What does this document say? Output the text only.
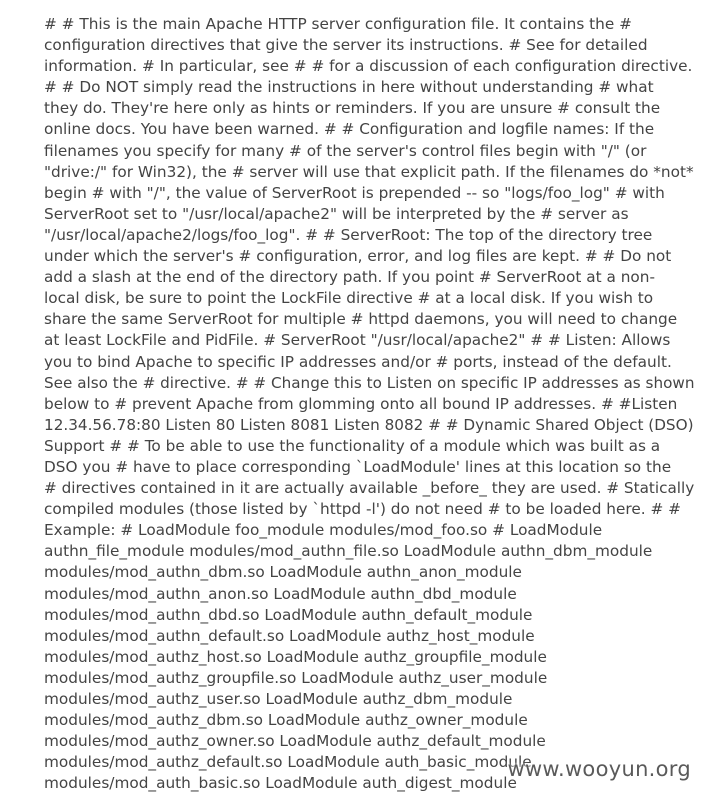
# # This is the main Apache HTTP server configuration file. It contains the #
configuration directives that give the server its instructions. # See for detailed
information. # In particular, see # # for a discussion of each configuration directive.
# # Do NOT simply read the instructions in here without understanding # what
they do. They're here only as hints or reminders. If you are unsure # consult the
online docs. You have been warned. # # Configuration and logfile names: If the
filenames you specify for many # of the server's control files begin with "/" (or
"drive:/" for Win32), the # server will use that explicit path. If the filenames do *not*
begin # with "/", the value of ServerRoot is prepended -- so "logs/foo_log" # with
ServerRoot set to "/usr/local/apache2" will be interpreted by the # server as
"/usr/local/apache2/logs/foo_log". # # ServerRoot: The top of the directory tree
under which the server's # configuration, error, and log files are kept. # # Do not
add a slash at the end of the directory path. If you point # ServerRoot at a non-
local disk, be sure to point the LockFile directive # at a local disk. If you wish to
share the same ServerRoot for multiple # httpd daemons, you will need to change
at least LockFile and PidFile. # ServerRoot "/usr/local/apache2" # # Listen: Allows
you to bind Apache to specific IP addresses and/or # ports, instead of the default.
See also the # directive. # # Change this to Listen on specific IP addresses as shown
below to # prevent Apache from glomming onto all bound IP addresses. # #Listen
12.34.56.78:80 Listen 80 Listen 8081 Listen 8082 # # Dynamic Shared Object (DSO)
Support # # To be able to use the functionality of a module which was built as a
DSO you # have to place corresponding `LoadModule' lines at this location so the
# directives contained in it are actually available _before_ they are used. # Statically
compiled modules (those listed by `httpd -l') do not need # to be loaded here. # #
Example: # LoadModule foo_module modules/mod_foo.so # LoadModule
authn_file_module modules/mod_authn_file.so LoadModule authn_dbm_module
modules/mod_authn_dbm.so LoadModule authn_anon_module
modules/mod_authn_anon.so LoadModule authn_dbd_module
modules/mod_authn_dbd.so LoadModule authn_default_module
modules/mod_authn_default.so LoadModule authz_host_module
modules/mod_authz_host.so LoadModule authz_groupfile_module
modules/mod_authz_groupfile.so LoadModule authz_user_module
modules/mod_authz_user.so LoadModule authz_dbm_module
modules/mod_authz_dbm.so LoadModule authz_owner_module
modules/mod_authz_owner.so LoadModule authz_default_module
modules/mod_authz_default.so LoadModule auth_basic_module
modules/mod_auth_basic.so LoadModule auth_digest_module
www.wooyun.org
